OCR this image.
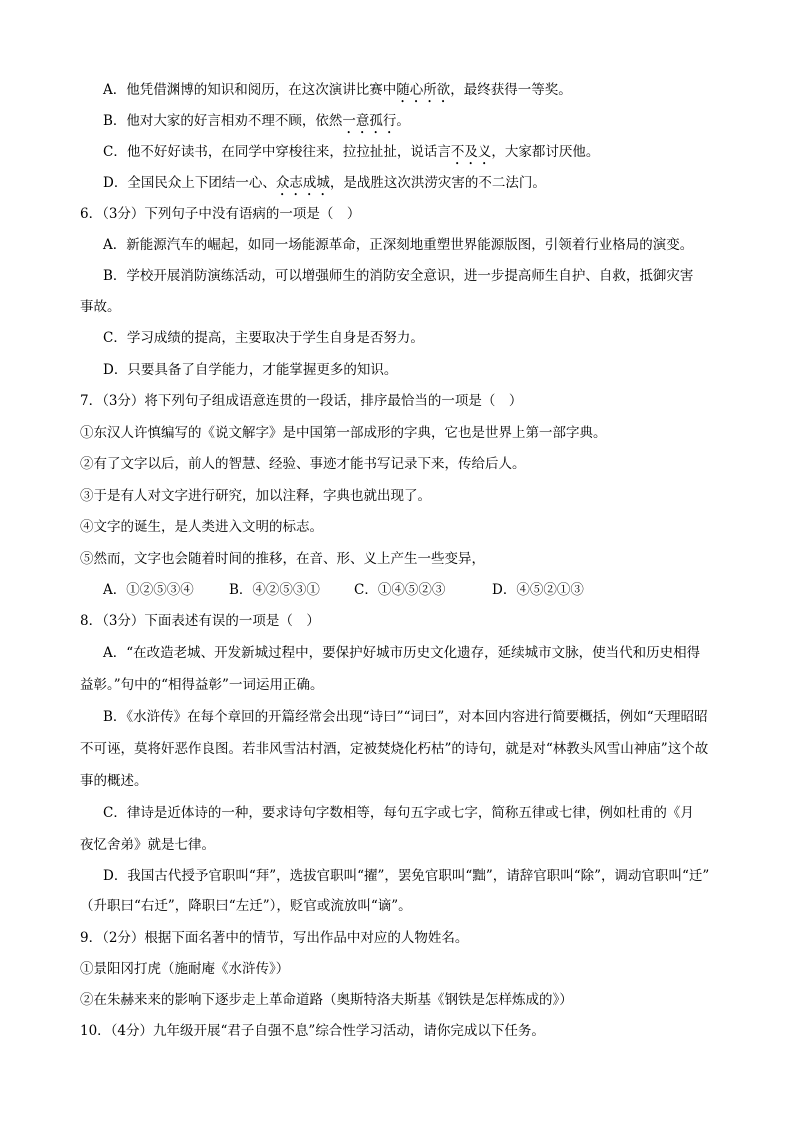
A．他凭借渊博的知识和阅历，在这次演讲比赛中随心所欲，最终获得一等奖。
B．他对大家的好言相劝不理不顾，依然一意孤行。
C．他不好好读书，在同学中穿梭往来，拉拉扯扯，说话言不及义，大家都讨厌他。
D．全国民众上下团结一心、众志成城，是战胜这次洪涝灾害的不二法门。
6．（3分）下列句子中没有语病的一项是（　）
A．新能源汽车的崛起，如同一场能源革命，正深刻地重塑世界能源版图，引领着行业格局的演变。
B．学校开展消防演练活动，可以增强师生的消防安全意识，进一步提高师生自护、自救，抵御灾害
事故。
C．学习成绩的提高，主要取决于学生自身是否努力。
D．只要具备了自学能力，才能掌握更多的知识。
7．（3分）将下列句子组成语意连贯的一段话，排序最恰当的一项是（　）
①东汉人许慎编写的《说文解字》是中国第一部成形的字典，它也是世界上第一部字典。
②有了文字以后，前人的智慧、经验、事迹才能书写记录下来，传给后人。
③于是有人对文字进行研究，加以注释，字典也就出现了。
④文字的诞生，是人类进入文明的标志。
⑤然而，文字也会随着时间的推移，在音、形、义上产生一些变异，
A．①②⑤③④	B．④②⑤③①	C．①④⑤②③	D．④⑤②①③
8．（3分）下面表述有误的一项是（　）
A．“在改造老城、开发新城过程中，要保护好城市历史文化遗存，延续城市文脉，使当代和历史相得
益彰。”句中的“相得益彰”一词运用正确。
B．《水浒传》在每个章回的开篇经常会出现“诗曰”“词曰”，对本回内容进行简要概括，例如“天理昭昭
不可诬，莫将奸恶作良图。若非风雪沽村酒，定被焚烧化朽枯”的诗句，就是对“林教头风雪山神庙”这个故
事的概述。
C．律诗是近体诗的一种，要求诗句字数相等，每句五字或七字，简称五律或七律，例如杜甫的《月
夜忆舍弟》就是七律。
D．我国古代授予官职叫“拜”，选拔官职叫“擢”，罢免官职叫“黜”，请辞官职叫“除”，调动官职叫“迁”
（升职曰“右迁”，降职曰“左迁”），贬官或流放叫“谪”。
9．（2分）根据下面名著中的情节，写出作品中对应的人物姓名。
①景阳冈打虎（施耐庵《水浒传》）
②在朱赫来来的影响下逐步走上革命道路（奥斯特洛夫斯基《钢铁是怎样炼成的》）
10．（4分）九年级开展“君子自强不息”综合性学习活动，请你完成以下任务。
